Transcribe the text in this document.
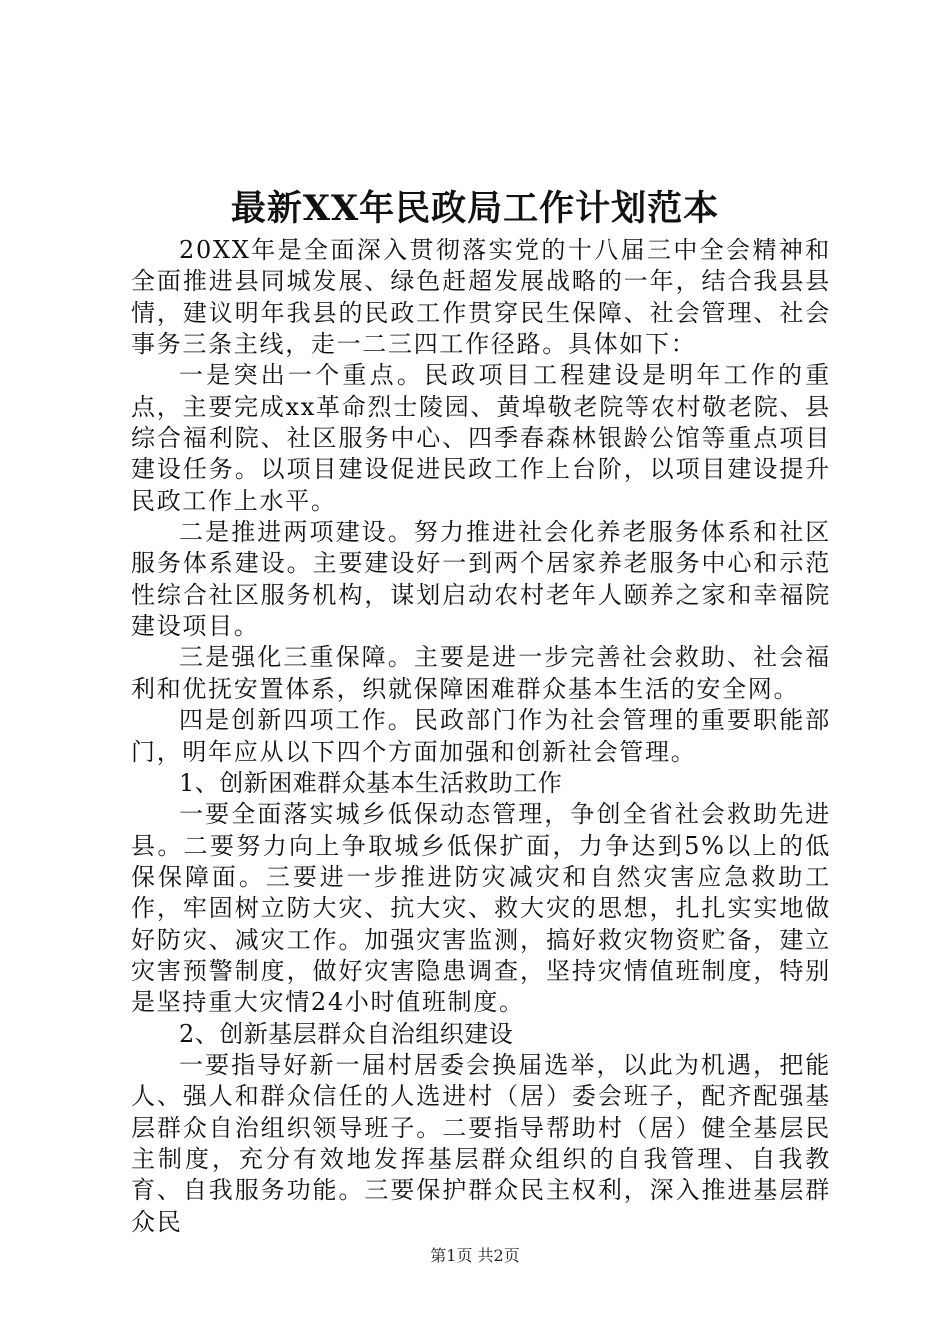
最新XX年民政局工作计划范本

20XX年是全面深入贯彻落实党的十八届三中全会精神和全面推进县同城发展、绿色赶超发展战略的一年，结合我县县情，建议明年我县的民政工作贯穿民生保障、社会管理、社会事务三条主线，走一二三四工作径路。具体如下：

一是突出一个重点。民政项目工程建设是明年工作的重点，主要完成xx革命烈士陵园、黄埠敬老院等农村敬老院、县综合福利院、社区服务中心、四季春森林银龄公馆等重点项目建设任务。以项目建设促进民政工作上台阶，以项目建设提升民政工作上水平。

二是推进两项建设。努力推进社会化养老服务体系和社区服务体系建设。主要建设好一到两个居家养老服务中心和示范性综合社区服务机构，谋划启动农村老年人颐养之家和幸福院建设项目。

三是强化三重保障。主要是进一步完善社会救助、社会福利和优抚安置体系，织就保障困难群众基本生活的安全网。

四是创新四项工作。民政部门作为社会管理的重要职能部门，明年应从以下四个方面加强和创新社会管理。

1、创新困难群众基本生活救助工作

一要全面落实城乡低保动态管理，争创全省社会救助先进县。二要努力向上争取城乡低保扩面，力争达到5%以上的低保保障面。三要进一步推进防灾减灾和自然灾害应急救助工作，牢固树立防大灾、抗大灾、救大灾的思想，扎扎实实地做好防灾、减灾工作。加强灾害监测，搞好救灾物资贮备，建立灾害预警制度，做好灾害隐患调查，坚持灾情值班制度，特别是坚持重大灾情24小时值班制度。

2、创新基层群众自治组织建设

一要指导好新一届村居委会换届选举，以此为机遇，把能人、强人和群众信任的人选进村（居）委会班子，配齐配强基层群众自治组织领导班子。二要指导帮助村（居）健全基层民主制度，充分有效地发挥基层群众组织的自我管理、自我教育、自我服务功能。三要保护群众民主权利，深入推进基层群众民

第1页 共2页
